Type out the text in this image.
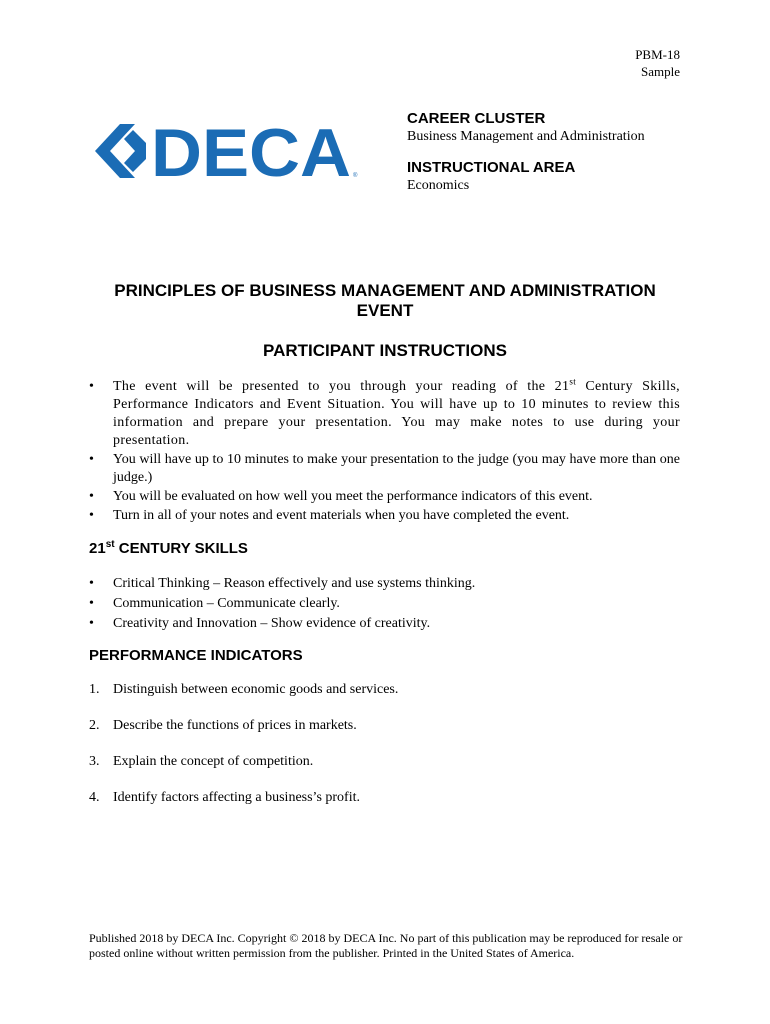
PBM-18
Sample
DECA ®
CAREER CLUSTER
Business Management and Administration
INSTRUCTIONAL AREA
Economics
PRINCIPLES OF BUSINESS MANAGEMENT AND ADMINISTRATION
EVENT
PARTICIPANT INSTRUCTIONS
• The event will be presented to you through your reading of the 21st Century Skills, Performance Indicators and Event Situation. You will have up to 10 minutes to review this information and prepare your presentation. You may make notes to use during your presentation.
• You will have up to 10 minutes to make your presentation to the judge (you may have more than one judge.)
• You will be evaluated on how well you meet the performance indicators of this event.
• Turn in all of your notes and event materials when you have completed the event.
21st CENTURY SKILLS
• Critical Thinking – Reason effectively and use systems thinking.
• Communication – Communicate clearly.
• Creativity and Innovation – Show evidence of creativity.
PERFORMANCE INDICATORS
1. Distinguish between economic goods and services.
2. Describe the functions of prices in markets.
3. Explain the concept of competition.
4. Identify factors affecting a business’s profit.
Published 2018 by DECA Inc. Copyright © 2018 by DECA Inc. No part of this publication may be reproduced for resale or posted online without written permission from the publisher. Printed in the United States of America.
